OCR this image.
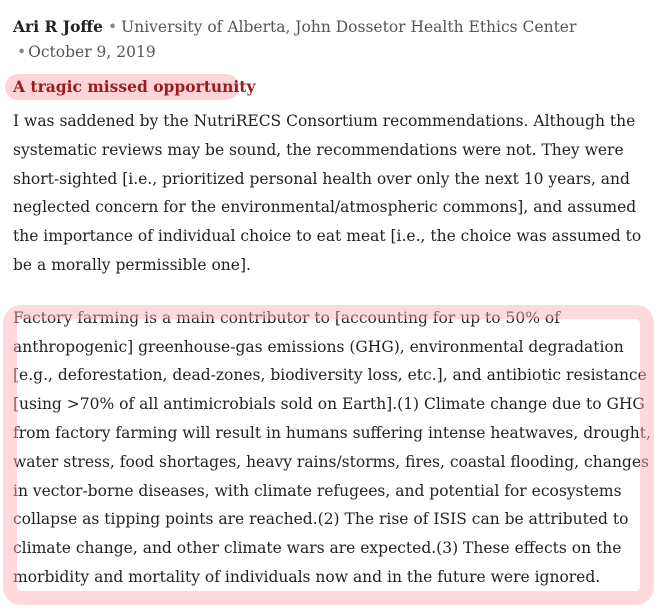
Ari R Joffe • University of Alberta, John Dossetor Health Ethics Center
• October 9, 2019
A tragic missed opportunity

I was saddened by the NutriRECS Consortium recommendations. Although the systematic reviews may be sound, the recommendations were not. They were short-sighted [i.e., prioritized personal health over only the next 10 years, and neglected concern for the environmental/atmospheric commons], and assumed the importance of individual choice to eat meat [i.e., the choice was assumed to be a morally permissible one].

Factory farming is a main contributor to [accounting for up to 50% of anthropogenic] greenhouse-gas emissions (GHG), environmental degradation [e.g., deforestation, dead-zones, biodiversity loss, etc.], and antibiotic resistance [using >70% of all antimicrobials sold on Earth].(1) Climate change due to GHG from factory farming will result in humans suffering intense heatwaves, drought, water stress, food shortages, heavy rains/storms, fires, coastal flooding, changes in vector-borne diseases, with climate refugees, and potential for ecosystems collapse as tipping points are reached.(2) The rise of ISIS can be attributed to climate change, and other climate wars are expected.(3) These effects on the morbidity and mortality of individuals now and in the future were ignored.
